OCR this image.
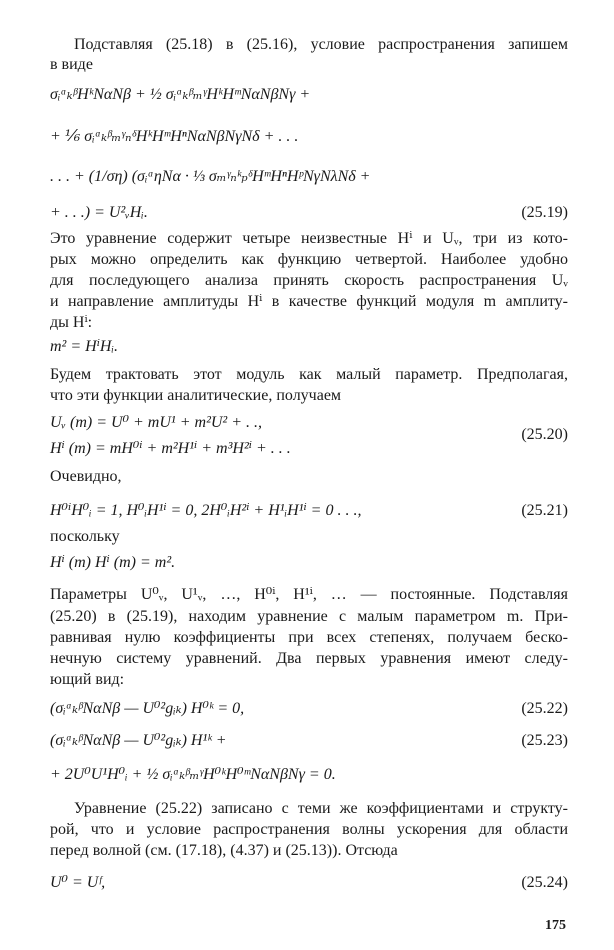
Подставляя (25.18) в (25.16), условие распространения запишем
в виде
σᵢᵅₖᵝHᵏNαNβ + ½ σᵢᵅₖᵝₘᵞHᵏHᵐNαNβNγ +
+ ⅙ σᵢᵅₖᵝₘᵞₙᵟHᵏHᵐHⁿNαNβNγNδ + . . .
. . . + (1/ση) (σᵢᵅηNα · ⅓ σₘᵞₙᵏₚᵟHᵐHⁿHᵖNγNλNδ +
+ . . .) = U²ᵥHᵢ.	(25.19)
Это уравнение содержит четыре неизвестные Hⁱ и Uᵥ, три из кото-
рых можно определить как функцию четвертой. Наиболее удобно
для последующего анализа принять скорость распространения Uᵥ
и направление амплитуды Hⁱ в качестве функций модуля m амплиту-
ды Hⁱ:
m² = HⁱHᵢ.
Будем трактовать этот модуль как малый параметр. Предполагая,
что эти функции аналитические, получаем
Uᵥ (m) = U⁰ + mU¹ + m²U² + . .,
(25.20)
Hⁱ (m) = mH⁰ⁱ + m²H¹ⁱ + m³H²ⁱ + . . .
Очевидно,
H⁰ⁱH⁰ᵢ = 1, H⁰ᵢH¹ⁱ = 0, 2H⁰ᵢH²ⁱ + H¹ᵢH¹ⁱ = 0 . . .,	(25.21)
поскольку
Hⁱ (m) Hⁱ (m) = m².
Параметры U⁰ᵥ, U¹ᵥ, …, H⁰ⁱ, H¹ⁱ, … — постоянные. Подставляя
(25.20) в (25.19), находим уравнение с малым параметром m. При-
равнивая нулю коэффициенты при всех степенях, получаем беско-
нечную систему уравнений. Два первых уравнения имеют следу-
ющий вид:
(σᵢᵅₖᵝNαNβ — U⁰²gᵢₖ) H⁰ᵏ = 0,	(25.22)
(σᵢᵅₖᵝNαNβ — U⁰²gᵢₖ) H¹ᵏ +	(25.23)
+ 2U⁰U¹H⁰ᵢ + ½ σᵢᵅₖᵝₘᵞH⁰ᵏH⁰ᵐNαNβNγ = 0.
Уравнение (25.22) записано с теми же коэффициентами и структу-
рой, что и условие распространения волны ускорения для области
перед волной (см. (17.18), (4.37) и (25.13)). Отсюда
U⁰ = Uᶠ,	(25.24)
175
